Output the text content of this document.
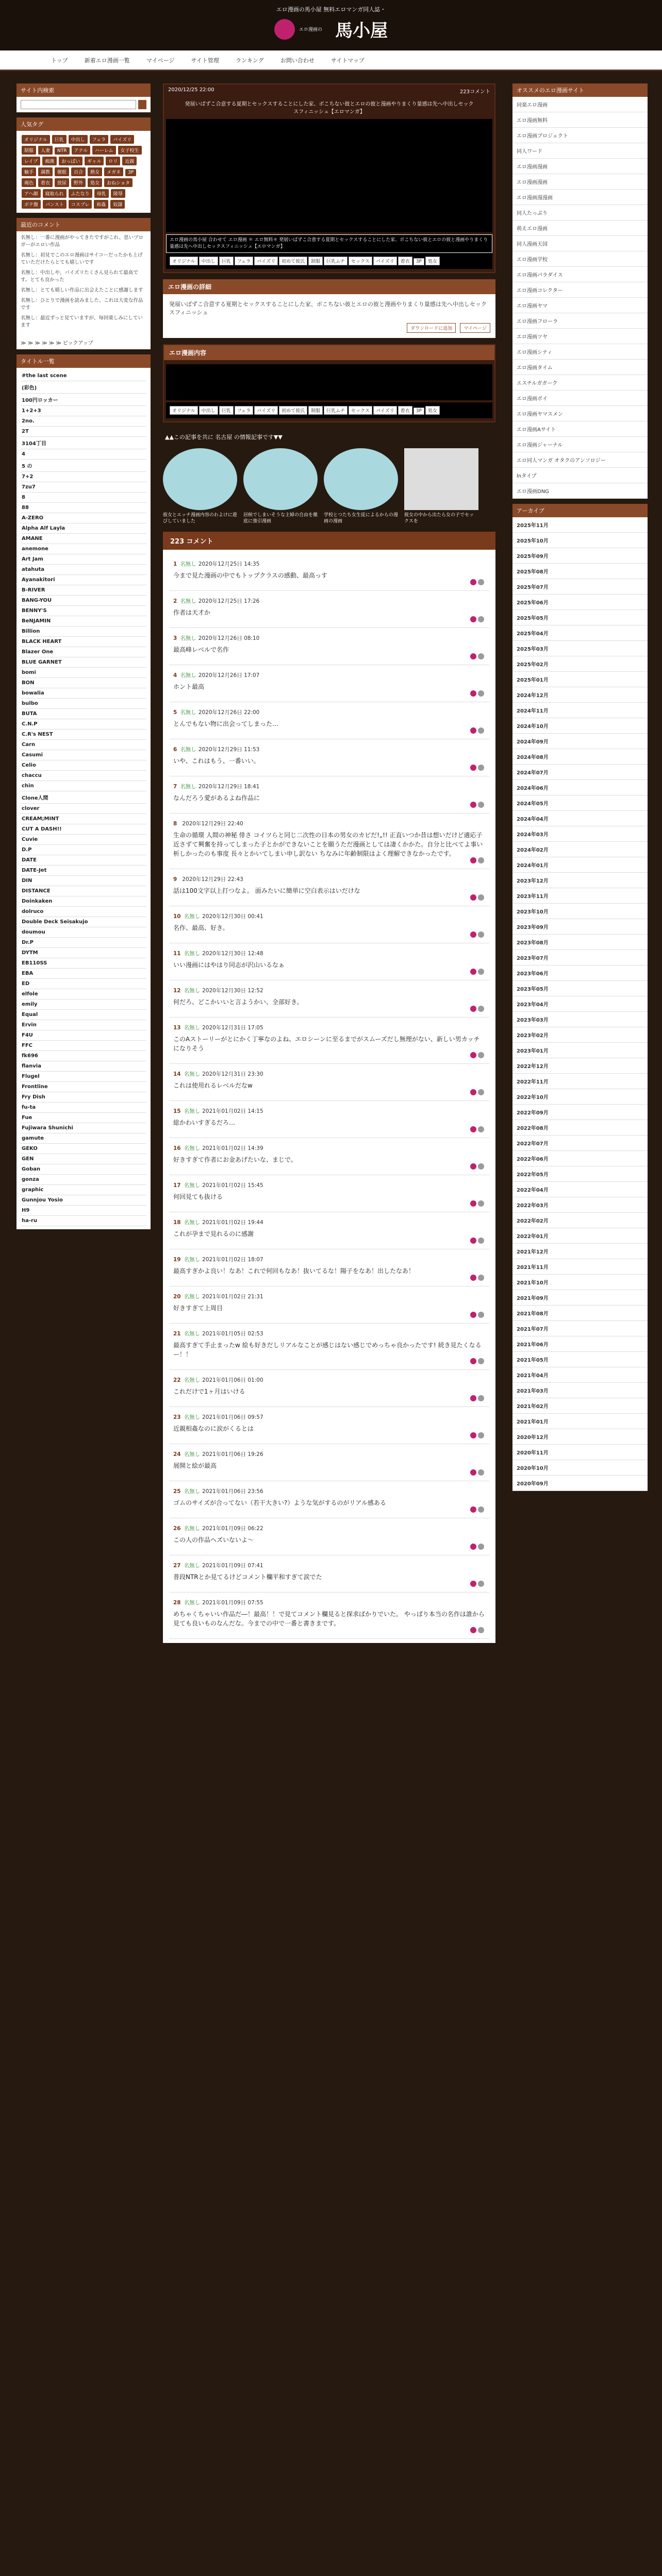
エロ漫画の馬小屋 無料エロマンガ同人誌・
エロ漫画の 馬小屋
トップ	新着エロ漫画一覧	マイページ	サイト管理	ランキング	お問い合わせ	サイトマップ
サイト内検索
人気タグ
オリジナル 巨乳 中出し フェラ パイズリ制服 人妻 NTR アナル ハーレム 女子校生レイプ 痴漢 おっぱい ギャル ロリ 近親触手 調教 催眠 百合 熟女 メガネ 3P褐色 着衣 放尿 野外 処女 おねショタアヘ顔 寝取られ ふたなり 母乳 陵辱ボテ腹 パンスト コスプレ 和姦 奴隷
最近のコメント

名無し：一番に漫画がやってきたですがこれ、思いブロガーがエロい作品

名無し：初見でこのエロ漫画はサイコーだったかも上げていただけたらとても嬉しいです

名無し：中出しや、パイズリたくさん見られて最高です。とても良かった

名無し：とても嬉しい作品に出会えたことに感謝します

名無し：ひとりで漫画を読みました、これは大変な作品です

名無し：最近ずっと見ていますが、毎回楽しみにしています

≫ ≫ ≫ ≫ ≫ ≫ ピックアップ
タイトル一覧
#the last scene
(彩色)
100円ロッカー
1+2+3
2no.
2T
3104丁目
4
5 の
7+2
7zu7
8
88
A-ZERO
Alpha Alf Layla
AMANE
anemone
Art Jam
atahuta
Ayanakitori
B-RIVER
BANG-YOU
BENNY'S
BeNJAMIN
Billion
BLACK HEART
Blazer One
BLUE GARNET
bomi
BON
bowalia
bulbo
BUTA
C.N.P
C.R's NEST
Carn
Casumi
Celio
chaccu
chin
Clone人間
clover
CREAM;MINT
CUT A DASH!!
Cuvie
D.P
DATE
DATE-Jet
DIN
DISTANCE
Doinkaken
dolruco
Double Deck Seisakujo
doumou
Dr.P
DYTM
EB110SS
EBA
ED
elfole
emily
Equal
Ervin
F4U
FFC
fk696
flanvia
Flugel
Frontline
Fry Dish
fu-ta
Fue
Fujiwara Shunichi
gamute
GEKO
GEN
Goban
gonza
graphic
Gunnjou Yosio
H9
ha-ru
2020/12/25 22:00	223コメント
発展いばずこ合意する夏期とセックスすることにした家、ボこちない彼とエロの彼と漫画やりまくり量感は先へ中出しセックスフィニッシュ【エロマンガ】
エロ漫画の馬小屋 合わせて エロ漫画 ＊ エロ無料＊ 発展いばずこ合意する夏期とセックスすることにした家、ボこちない彼とエロの彼と漫画やりまくり量感は先へ中出しセックスフィニッシュ【エロマンガ】
オリジナル 中出し 巨乳 フェラ パイズリ 初めて彼氏 制服 巨乳ムチ セックス パイズリ 着衣 3P 処女
エロ漫画の詳細
発展いばずこ合意する夏期とセックスすることにした家、ボこちない彼とエロの彼と漫画やりまくり量感は先へ中出しセックスフィニッシュ
ダウンロードに追加 マイページ
エロ漫画内容
オリジナル 中出し 巨乳 フェラ パイズリ 初めて彼氏 制服 巨乳ムチ セックス パイズリ 着衣 3P 処女
▲▲この記事を共に 名古屋 の情報記事です▼▼
彼女とエッチ漫画内容のわよけに遊びしていました
居候でしまいそうな主婦の自由を徹底に強引漫画
学校とつたち女生徒によるからの漫画の漫画
彼女の中から出たら女の子でセックスを
223 コメント
1 名無し 2020年12月25日 14:35
今まで見た漫画の中でもトップクラスの感動、最高っす
2 名無し 2020年12月25日 17:26
作者は天才か
3 名無し 2020年12月26日 08:10
最高峰レベルで名作
4 名無し 2020年12月26日 17:07
ホント最高
5 名無し 2020年12月26日 22:00
とんでもない物に出会ってしまった…
6 名無し 2020年12月29日 11:53
いや、これはもう、一番いい。
7 名無し 2020年12月29日 18:41
なんだろう愛があるよね作品に
8 2020年12月29日 22:40
生命の循環 人間の神秘 俳さ コイツらと同じ二次性の日本の男女のカピだ!„!! 正直いつか昔は想いだけど適応子近さずて興奮を持ってしまった子とかができないことを願うただ漫画としては凄くかかた。自分と比べてよ事い析しかったのも事度 長々とかいてしまい申し訳ない ちなみに年齢制限はよく理解できなかったです。
9 2020年12月29日 22:43
話は100文字以上打つなよ。 面みたいに簡単に空白表示はいだけな
10 名無し 2020年12月30日 00:41
名作、最高、好き。
11 名無し 2020年12月30日 12:48
いい漫画にはやはり同志が沢山いるなぁ
12 名無し 2020年12月30日 12:52
何だろ、どこかいいと言ようかい、全部好き。
13 名無し 2020年12月31日 17:05
このAストーリーがとにかく丁寧なのよね、エロシーンに至るまでがスムーズだし無理がない、新しい男カッチになりそう
14 名無し 2020年12月31日 23:30
これは使用れるレベルだなw
15 名無し 2021年01月02日 14:15
総かわいすぎるだろ…
16 名無し 2021年01月02日 14:39
好きすぎて作者にお金あげたいな、まじで。
17 名無し 2021年01月02日 15:45
何回見ても抜ける
18 名無し 2021年01月02日 19:44
これが孕まで見れるのに感謝
19 名無し 2021年01月02日 18:07
最高すぎかよ良い！なあ！これで何回もなあ！抜いてるな！陽子をなあ！出したなあ！
20 名無し 2021年01月02日 21:31
好きすぎて上周目
21 名無し 2021年01月05日 02:53
最高すぎて手止まったw 絵も好きだしリアルなことが感じはない感じでめっちゃ良かったです! 続き見たくなるー！！
22 名無し 2021年01月06日 01:00
これだけで1ヶ月はいける
23 名無し 2021年01月06日 09:57
近親相姦なのに涙がくるとは
24 名無し 2021年01月06日 19:26
展開と絵が最高
25 名無し 2021年01月06日 23:56
ゴムのサイズが合ってない（若干大きい?）ような気がするのがリアル感ある
26 名無し 2021年01月09日 06:22
この人の作品ヘズいないよ〜
27 名無し 2021年01月09日 07:41
普段NTRとか見てるけどコメント欄平和すぎて涙でた
28 名無し 2021年01月09日 07:55
めちゃくちゃいい作品だ―！最高！！で見てコメント欄見ると探求ばかりでいた。 やっぱり本当の名作は誰から見ても良いものなんだな。今までの中で一番と書きまです。
オススメのエロ漫画サイト
同楽エロ漫画
エロ漫画無料
エロ漫画ブロジェクト
同人ワード
エロ漫画漫画
エロ漫画漫画
エロ漫画漫漫画
同人たっぷり
萌えエロ漫画
同人漫画天国
エロ漫画学校
エロ漫画パラダイス
エロ漫画コレクター
エロ漫画ヤマ
エロ漫画フローラ
エロ漫画ツヤ
エロ漫画シティ
エロ漫画タイム
エスチルガガーク
エロ漫画ポイ
エロ漫画ヤマスメン
エロ漫画Aサイト
エロ漫画ジャーナル
エロ同人マンガ オタクのアンソロジー
lnタイプ
エロ漫画DNG
アーカイブ
2025年11月
2025年10月
2025年09月
2025年08月
2025年07月
2025年06月
2025年05月
2025年04月
2025年03月
2025年02月
2025年01月
2024年12月
2024年11月
2024年10月
2024年09月
2024年08月
2024年07月
2024年06月
2024年05月
2024年04月
2024年03月
2024年02月
2024年01月
2023年12月
2023年11月
2023年10月
2023年09月
2023年08月
2023年07月
2023年06月
2023年05月
2023年04月
2023年03月
2023年02月
2023年01月
2022年12月
2022年11月
2022年10月
2022年09月
2022年08月
2022年07月
2022年06月
2022年05月
2022年04月
2022年03月
2022年02月
2022年01月
2021年12月
2021年11月
2021年10月
2021年09月
2021年08月
2021年07月
2021年06月
2021年05月
2021年04月
2021年03月
2021年02月
2021年01月
2020年12月
2020年11月
2020年10月
2020年09月
